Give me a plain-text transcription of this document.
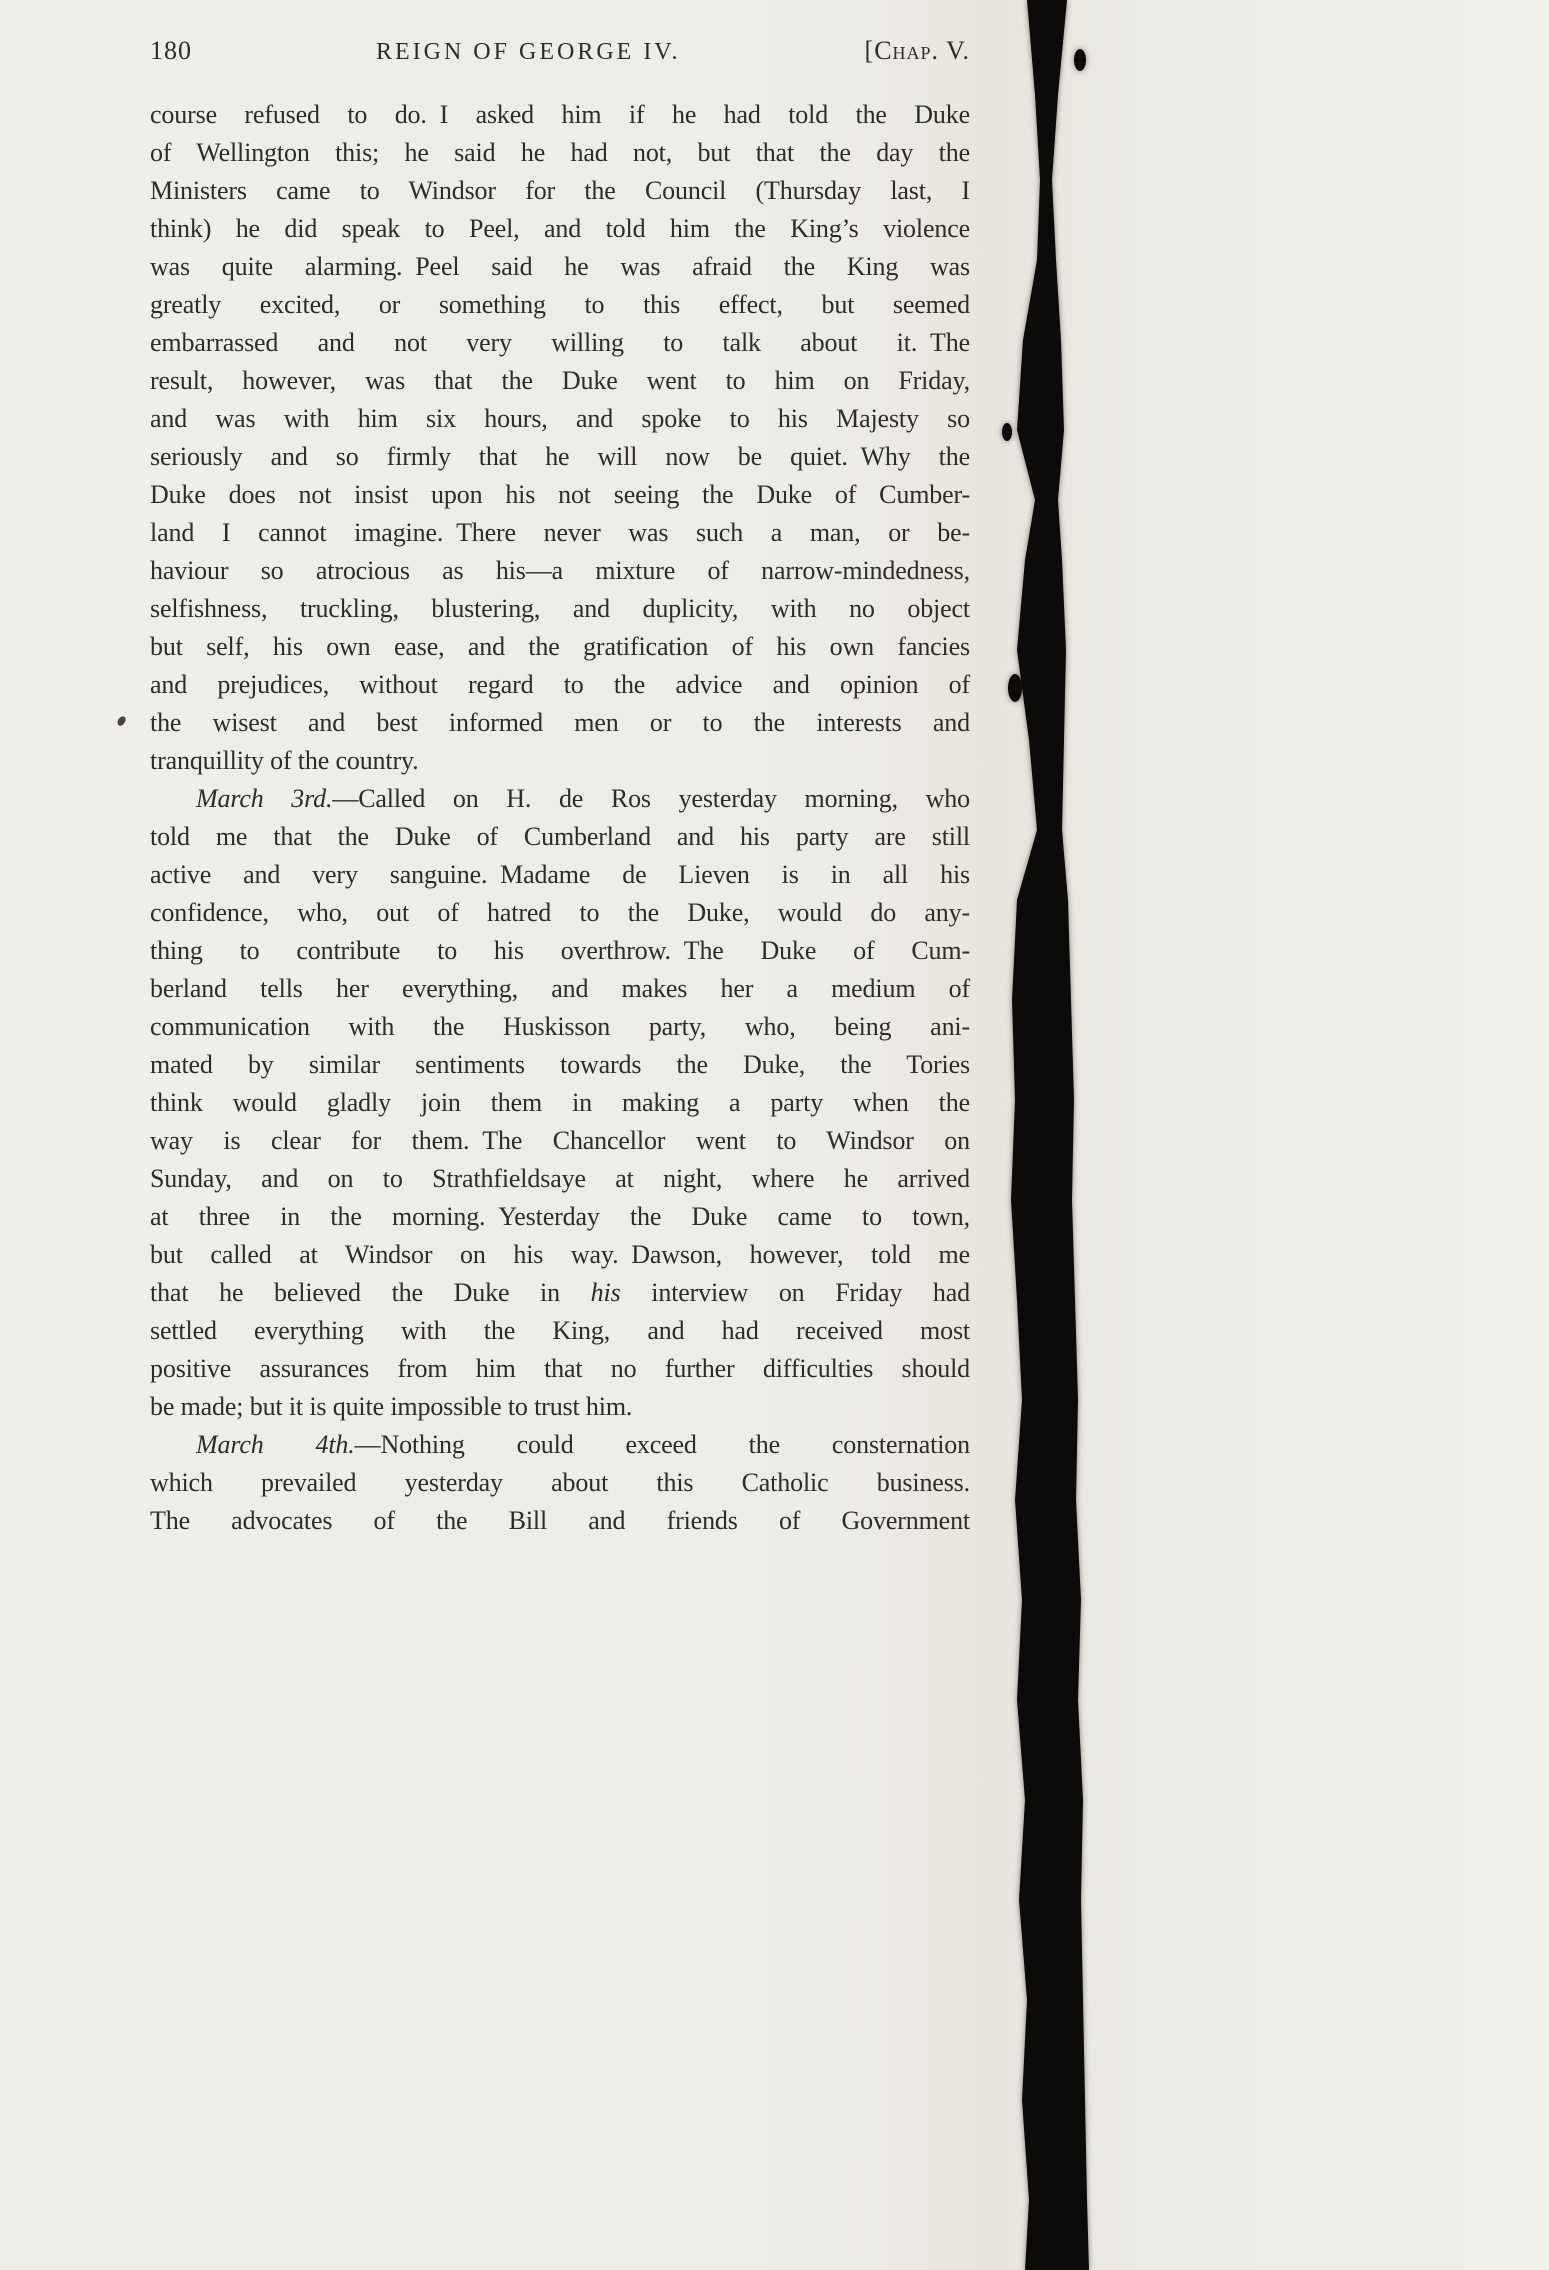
180	REIGN OF GEORGE IV.	[Chap. V.
course refused to do. I asked him if he had told the Duke
of Wellington this; he said he had not, but that the day the
Ministers came to Windsor for the Council (Thursday last, I
think) he did speak to Peel, and told him the King’s violence
was quite alarming. Peel said he was afraid the King was
greatly excited, or something to this effect, but seemed
embarrassed and not very willing to talk about it. The
result, however, was that the Duke went to him on Friday,
and was with him six hours, and spoke to his Majesty so
seriously and so firmly that he will now be quiet. Why the
Duke does not insist upon his not seeing the Duke of Cumber-
land I cannot imagine. There never was such a man, or be-
haviour so atrocious as his—a mixture of narrow-mindedness,
selfishness, truckling, blustering, and duplicity, with no object
but self, his own ease, and the gratification of his own fancies
and prejudices, without regard to the advice and opinion of
the wisest and best informed men or to the interests and
tranquillity of the country.
March 3rd.—Called on H. de Ros yesterday morning, who
told me that the Duke of Cumberland and his party are still
active and very sanguine. Madame de Lieven is in all his
confidence, who, out of hatred to the Duke, would do any-
thing to contribute to his overthrow. The Duke of Cum-
berland tells her everything, and makes her a medium of
communication with the Huskisson party, who, being ani-
mated by similar sentiments towards the Duke, the Tories
think would gladly join them in making a party when the
way is clear for them. The Chancellor went to Windsor on
Sunday, and on to Strathfieldsaye at night, where he arrived
at three in the morning. Yesterday the Duke came to town,
but called at Windsor on his way. Dawson, however, told me
that he believed the Duke in his interview on Friday had
settled everything with the King, and had received most
positive assurances from him that no further difficulties should
be made; but it is quite impossible to trust him.
March 4th.—Nothing could exceed the consternation
which prevailed yesterday about this Catholic business.
The advocates of the Bill and friends of Government
